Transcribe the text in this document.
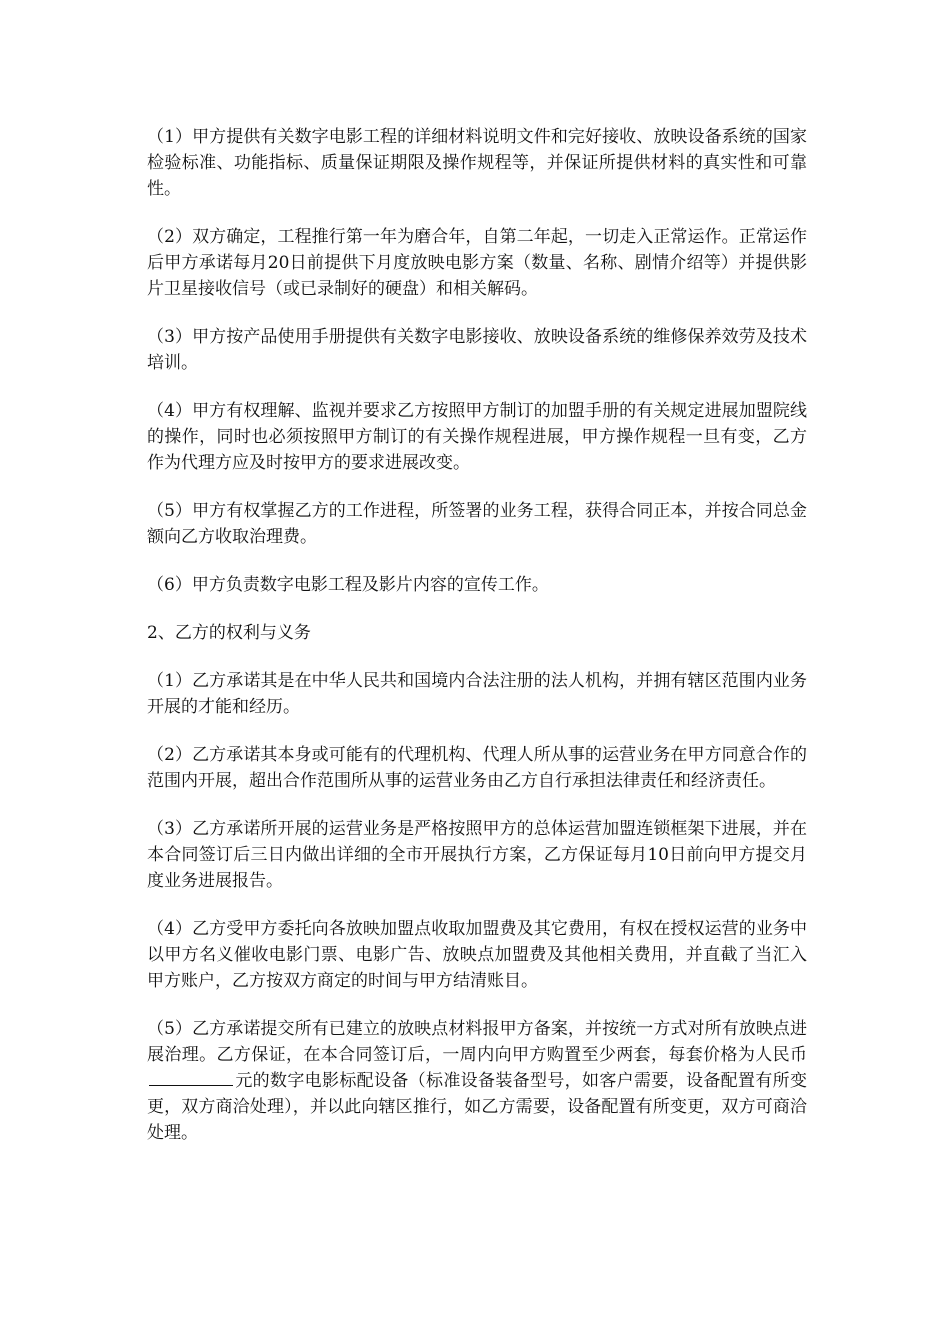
（1）甲方提供有关数字电影工程的详细材料说明文件和完好接收、放映设备系统的国家检验标准、功能指标、质量保证期限及操作规程等，并保证所提供材料的真实性和可靠性。

（2）双方确定，工程推行第一年为磨合年，自第二年起，一切走入正常运作。正常运作后甲方承诺每月20日前提供下月度放映电影方案（数量、名称、剧情介绍等）并提供影片卫星接收信号（或已录制好的硬盘）和相关解码。

（3）甲方按产品使用手册提供有关数字电影接收、放映设备系统的维修保养效劳及技术培训。

（4）甲方有权理解、监视并要求乙方按照甲方制订的加盟手册的有关规定进展加盟院线的操作，同时也必须按照甲方制订的有关操作规程进展，甲方操作规程一旦有变，乙方作为代理方应及时按甲方的要求进展改变。

（5）甲方有权掌握乙方的工作进程，所签署的业务工程，获得合同正本，并按合同总金额向乙方收取治理费。

（6）甲方负责数字电影工程及影片内容的宣传工作。

2、乙方的权利与义务

（1）乙方承诺其是在中华人民共和国境内合法注册的法人机构，并拥有辖区范围内业务开展的才能和经历。

（2）乙方承诺其本身或可能有的代理机构、代理人所从事的运营业务在甲方同意合作的范围内开展，超出合作范围所从事的运营业务由乙方自行承担法律责任和经济责任。

（3）乙方承诺所开展的运营业务是严格按照甲方的总体运营加盟连锁框架下进展，并在本合同签订后三日内做出详细的全市开展执行方案，乙方保证每月10日前向甲方提交月度业务进展报告。

（4）乙方受甲方委托向各放映加盟点收取加盟费及其它费用，有权在授权运营的业务中以甲方名义催收电影门票、电影广告、放映点加盟费及其他相关费用，并直截了当汇入甲方账户，乙方按双方商定的时间与甲方结清账目。

（5）乙方承诺提交所有已建立的放映点材料报甲方备案，并按统一方式对所有放映点进展治理。乙方保证，在本合同签订后，一周内向甲方购置至少两套，每套价格为人民币元的数字电影标配设备（标准设备装备型号，如客户需要，设备配置有所变更，双方商洽处理），并以此向辖区推行，如乙方需要，设备配置有所变更，双方可商洽处理。
